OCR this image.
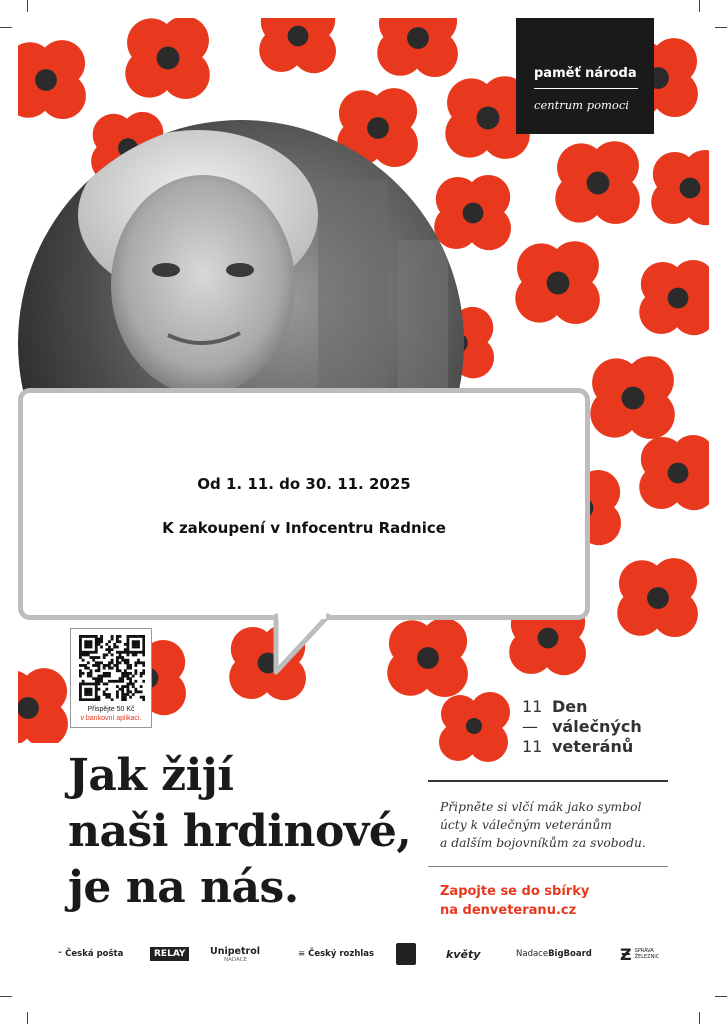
paměť národa
centrum pomoci
Od 1. 11. do 30. 11. 2025
K zakoupení v Infocentru Radnice
Přispějte 50 Kč
v bankovní aplikaci.
Jak žijí
naši hrdinové,
je na nás.
11 Den
— válečných
11 veteránů
Připněte si vlčí mák jako symbol
úcty k válečným veteránům
a dalším bojovníkům za svobodu.
Zapojte se do sbírky
na denveteranu.cz
ᵕ Česká pošta	RELAY	Unipetrol
NADACE
≡ Český rozhlas	květy	Nadace BigBoard Ƶ SPRÁVA
ŽELEZNIC
